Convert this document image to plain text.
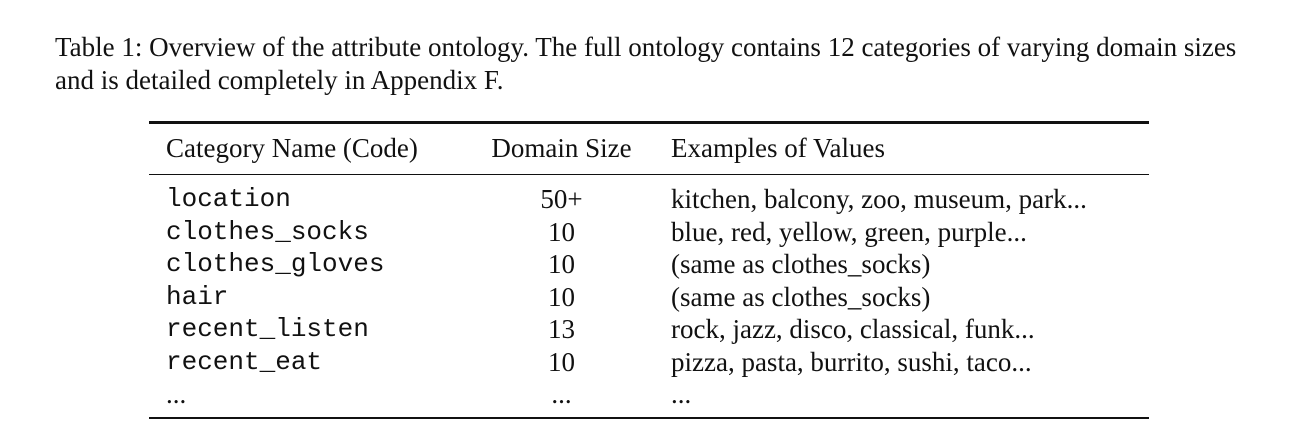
Table 1: Overview of the attribute ontology. The full ontology contains 12 categories of varying domain sizes and is detailed completely in Appendix F.

Category Name (Code)	Domain Size	Examples of Values
location	50+	kitchen, balcony, zoo, museum, park...
clothes_socks	10	blue, red, yellow, green, purple...
clothes_gloves	10	(same as clothes_socks)
hair	10	(same as clothes_socks)
recent_listen	13	rock, jazz, disco, classical, funk...
recent_eat	10	pizza, pasta, burrito, sushi, taco...
...	...	...
